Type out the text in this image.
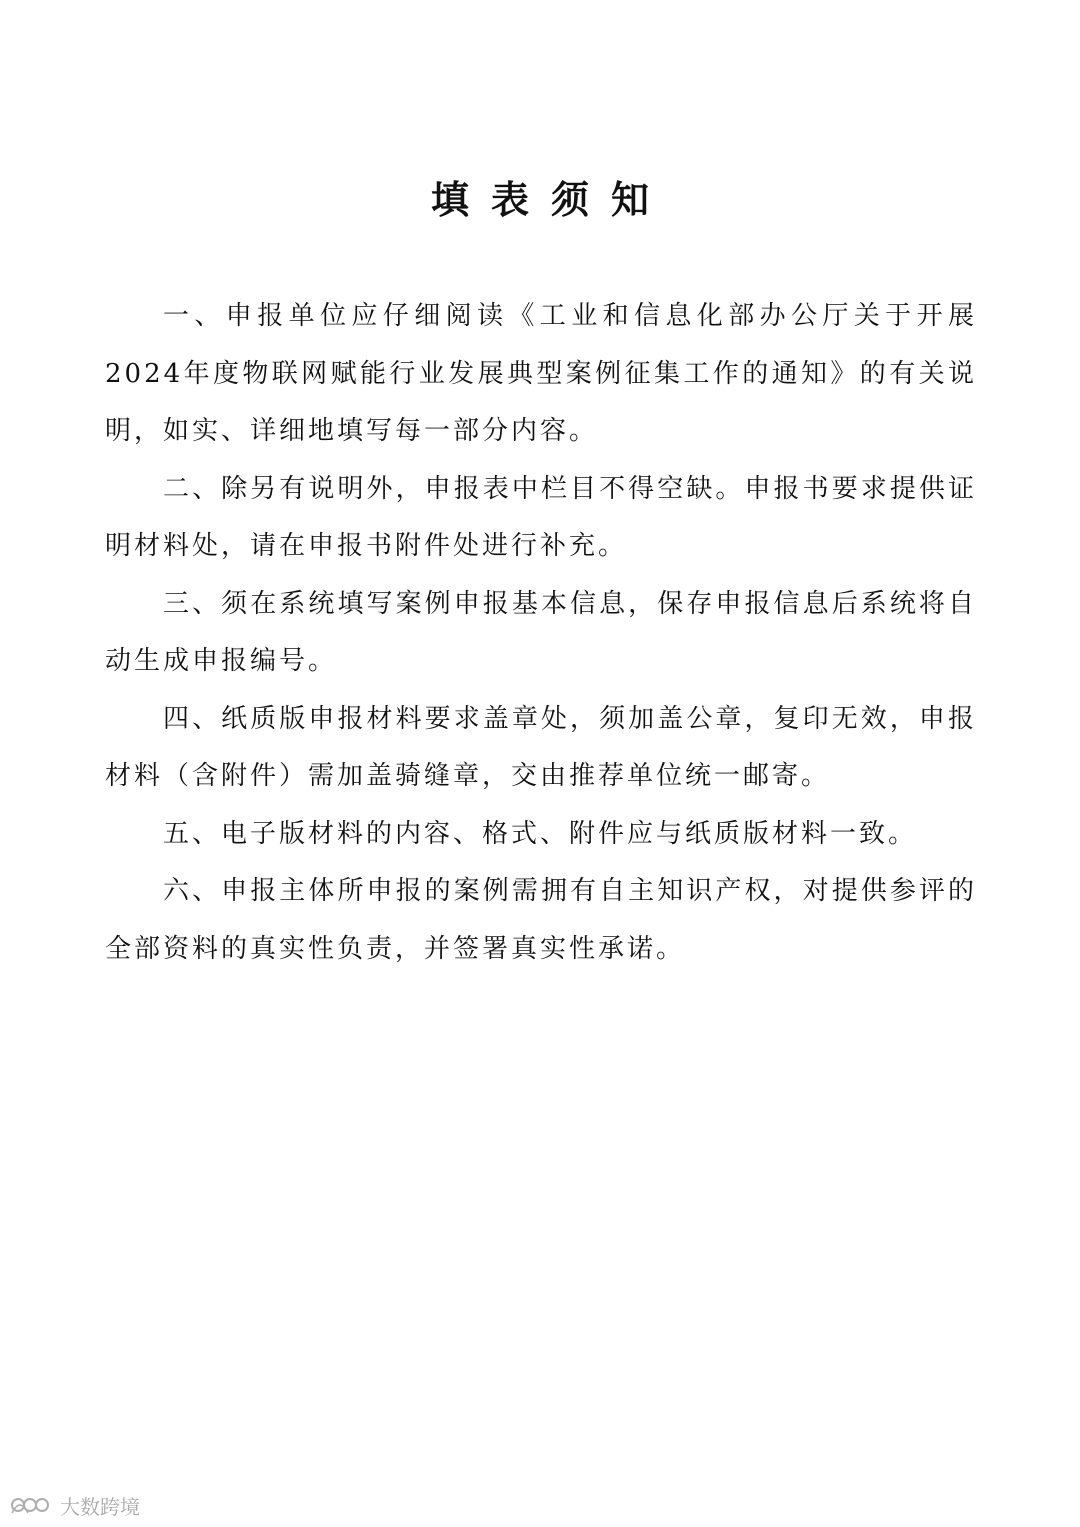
填表须知

一、申报单位应仔细阅读《工业和信息化部办公厅关于开展2024年度物联网赋能行业发展典型案例征集工作的通知》的有关说明，如实、详细地填写每一部分内容。

二、除另有说明外，申报表中栏目不得空缺。申报书要求提供证明材料处，请在申报书附件处进行补充。

三、须在系统填写案例申报基本信息，保存申报信息后系统将自动生成申报编号。

四、纸质版申报材料要求盖章处，须加盖公章，复印无效，申报材料（含附件）需加盖骑缝章，交由推荐单位统一邮寄。

五、电子版材料的内容、格式、附件应与纸质版材料一致。

六、申报主体所申报的案例需拥有自主知识产权，对提供参评的全部资料的真实性负责，并签署真实性承诺。

大数跨境
